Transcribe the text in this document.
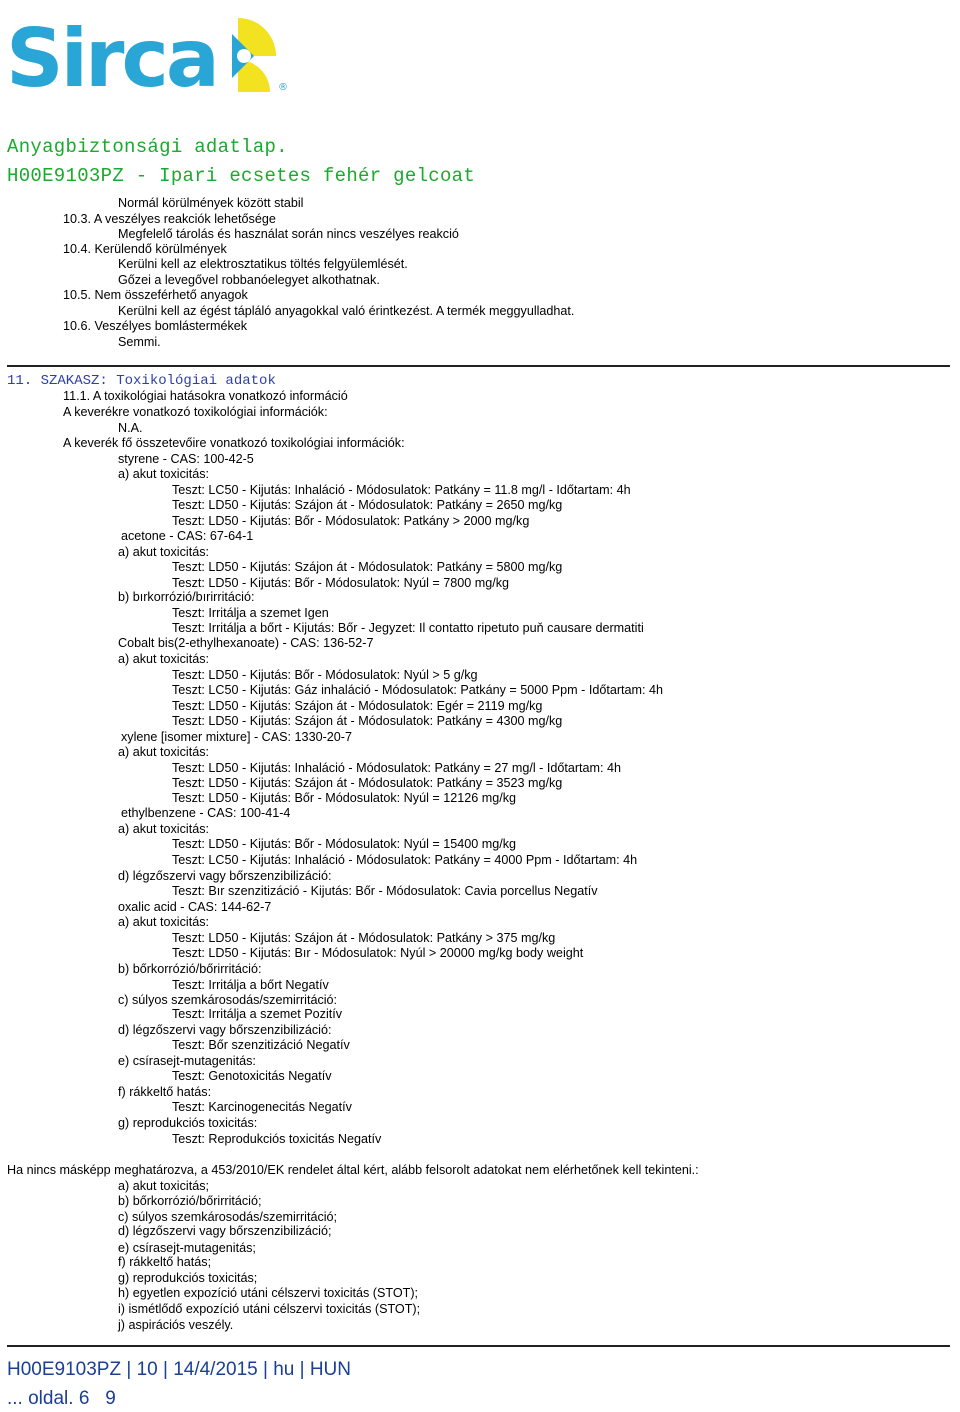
Sirca	®
Anyagbiztonsági adatlap.
H00E9103PZ - Ipari ecsetes fehér gelcoat
Normál körülmények között stabil
10.3. A veszélyes reakciók lehetősége
Megfelelő tárolás és használat során nincs veszélyes reakció
10.4. Kerülendő körülmények
Kerülni kell az elektrosztatikus töltés felgyülemlését.
Gőzei a levegővel robbanóelegyet alkothatnak.
10.5. Nem összeférhető anyagok
Kerülni kell az égést tápláló anyagokkal való érintkezést. A termék meggyulladhat.
10.6. Veszélyes bomlástermékek
Semmi.
11. SZAKASZ: Toxikológiai adatok
11.1. A toxikológiai hatásokra vonatkozó információ
A keverékre vonatkozó toxikológiai információk:
N.A.
A keverék fő összetevőire vonatkozó toxikológiai információk:
styrene - CAS: 100-42-5
a) akut toxicitás:
Teszt: LC50 - Kijutás: Inhaláció - Módosulatok: Patkány = 11.8 mg/l - Időtartam: 4h
Teszt: LD50 - Kijutás: Szájon át - Módosulatok: Patkány = 2650 mg/kg
Teszt: LD50 - Kijutás: Bőr - Módosulatok: Patkány > 2000 mg/kg
acetone - CAS: 67-64-1
a) akut toxicitás:
Teszt: LD50 - Kijutás: Szájon át - Módosulatok: Patkány = 5800 mg/kg
Teszt: LD50 - Kijutás: Bőr - Módosulatok: Nyúl = 7800 mg/kg
b) bırkorrózió/bırirritáció:
Teszt: Irritálja a szemet Igen
Teszt: Irritálja a bőrt - Kijutás: Bőr - Jegyzet: Il contatto ripetuto puň causare dermatiti
Cobalt bis(2-ethylhexanoate) - CAS: 136-52-7
a) akut toxicitás:
Teszt: LD50 - Kijutás: Bőr - Módosulatok: Nyúl > 5 g/kg
Teszt: LC50 - Kijutás: Gáz inhaláció - Módosulatok: Patkány = 5000 Ppm - Időtartam: 4h
Teszt: LD50 - Kijutás: Szájon át - Módosulatok: Egér = 2119 mg/kg
Teszt: LD50 - Kijutás: Szájon át - Módosulatok: Patkány = 4300 mg/kg
xylene [isomer mixture] - CAS: 1330-20-7
a) akut toxicitás:
Teszt: LD50 - Kijutás: Inhaláció - Módosulatok: Patkány = 27 mg/l - Időtartam: 4h
Teszt: LD50 - Kijutás: Szájon át - Módosulatok: Patkány = 3523 mg/kg
Teszt: LD50 - Kijutás: Bőr - Módosulatok: Nyúl = 12126 mg/kg
ethylbenzene - CAS: 100-41-4
a) akut toxicitás:
Teszt: LD50 - Kijutás: Bőr - Módosulatok: Nyúl = 15400 mg/kg
Teszt: LC50 - Kijutás: Inhaláció - Módosulatok: Patkány = 4000 Ppm - Időtartam: 4h
d) légzőszervi vagy bőrszenzibilizáció:
Teszt: Bır szenzitizáció - Kijutás: Bőr - Módosulatok: Cavia porcellus Negatív
oxalic acid - CAS: 144-62-7
a) akut toxicitás:
Teszt: LD50 - Kijutás: Szájon át - Módosulatok: Patkány > 375 mg/kg
Teszt: LD50 - Kijutás: Bır - Módosulatok: Nyúl > 20000 mg/kg body weight
b) bőrkorrózió/bőrirritáció:
Teszt: Irritálja a bőrt Negatív
c) súlyos szemkárosodás/szemirritáció:
Teszt: Irritálja a szemet Pozitív
d) légzőszervi vagy bőrszenzibilizáció:
Teszt: Bőr szenzitizáció Negatív
e) csírasejt-mutagenitás:
Teszt: Genotoxicitás Negatív
f) rákkeltő hatás:
Teszt: Karcinogenecitás Negatív
g) reprodukciós toxicitás:
Teszt: Reprodukciós toxicitás Negatív
Ha nincs másképp meghatározva, a 453/2010/EK rendelet által kért, alább felsorolt adatokat nem elérhetőnek kell tekinteni.:
a) akut toxicitás;
b) bőrkorrózió/bőrirritáció;
c) súlyos szemkárosodás/szemirritáció;
d) légzőszervi vagy bőrszenzibilizáció;
e) csírasejt-mutagenitás;
f) rákkeltő hatás;
g) reprodukciós toxicitás;
h) egyetlen expozíció utáni célszervi toxicitás (STOT);
i) ismétlődő expozíció utáni célszervi toxicitás (STOT);
j) aspirációs veszély.
H00E9103PZ | 10 | 14/4/2015 | hu | HUN
... oldal. 6   9
